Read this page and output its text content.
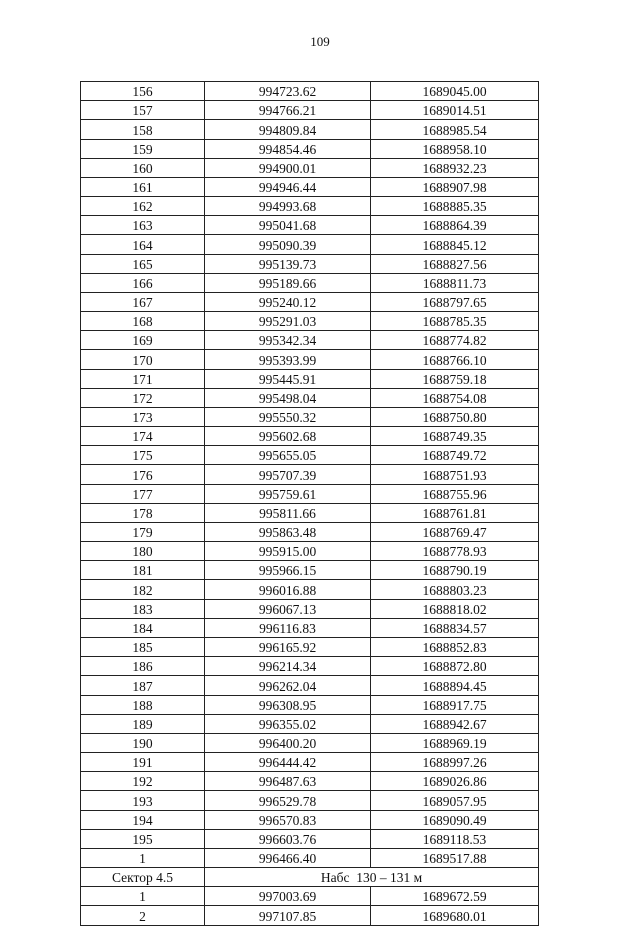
109
156	994723.62	1689045.00
157	994766.21	1689014.51
158	994809.84	1688985.54
159	994854.46	1688958.10
160	994900.01	1688932.23
161	994946.44	1688907.98
162	994993.68	1688885.35
163	995041.68	1688864.39
164	995090.39	1688845.12
165	995139.73	1688827.56
166	995189.66	1688811.73
167	995240.12	1688797.65
168	995291.03	1688785.35
169	995342.34	1688774.82
170	995393.99	1688766.10
171	995445.91	1688759.18
172	995498.04	1688754.08
173	995550.32	1688750.80
174	995602.68	1688749.35
175	995655.05	1688749.72
176	995707.39	1688751.93
177	995759.61	1688755.96
178	995811.66	1688761.81
179	995863.48	1688769.47
180	995915.00	1688778.93
181	995966.15	1688790.19
182	996016.88	1688803.23
183	996067.13	1688818.02
184	996116.83	1688834.57
185	996165.92	1688852.83
186	996214.34	1688872.80
187	996262.04	1688894.45
188	996308.95	1688917.75
189	996355.02	1688942.67
190	996400.20	1688969.19
191	996444.42	1688997.26
192	996487.63	1689026.86
193	996529.78	1689057.95
194	996570.83	1689090.49
195	996603.76	1689118.53
1	996466.40	1689517.88
Сектор 4.5	Набс  130 – 131 м	
1	997003.69	1689672.59
2	997107.85	1689680.01
